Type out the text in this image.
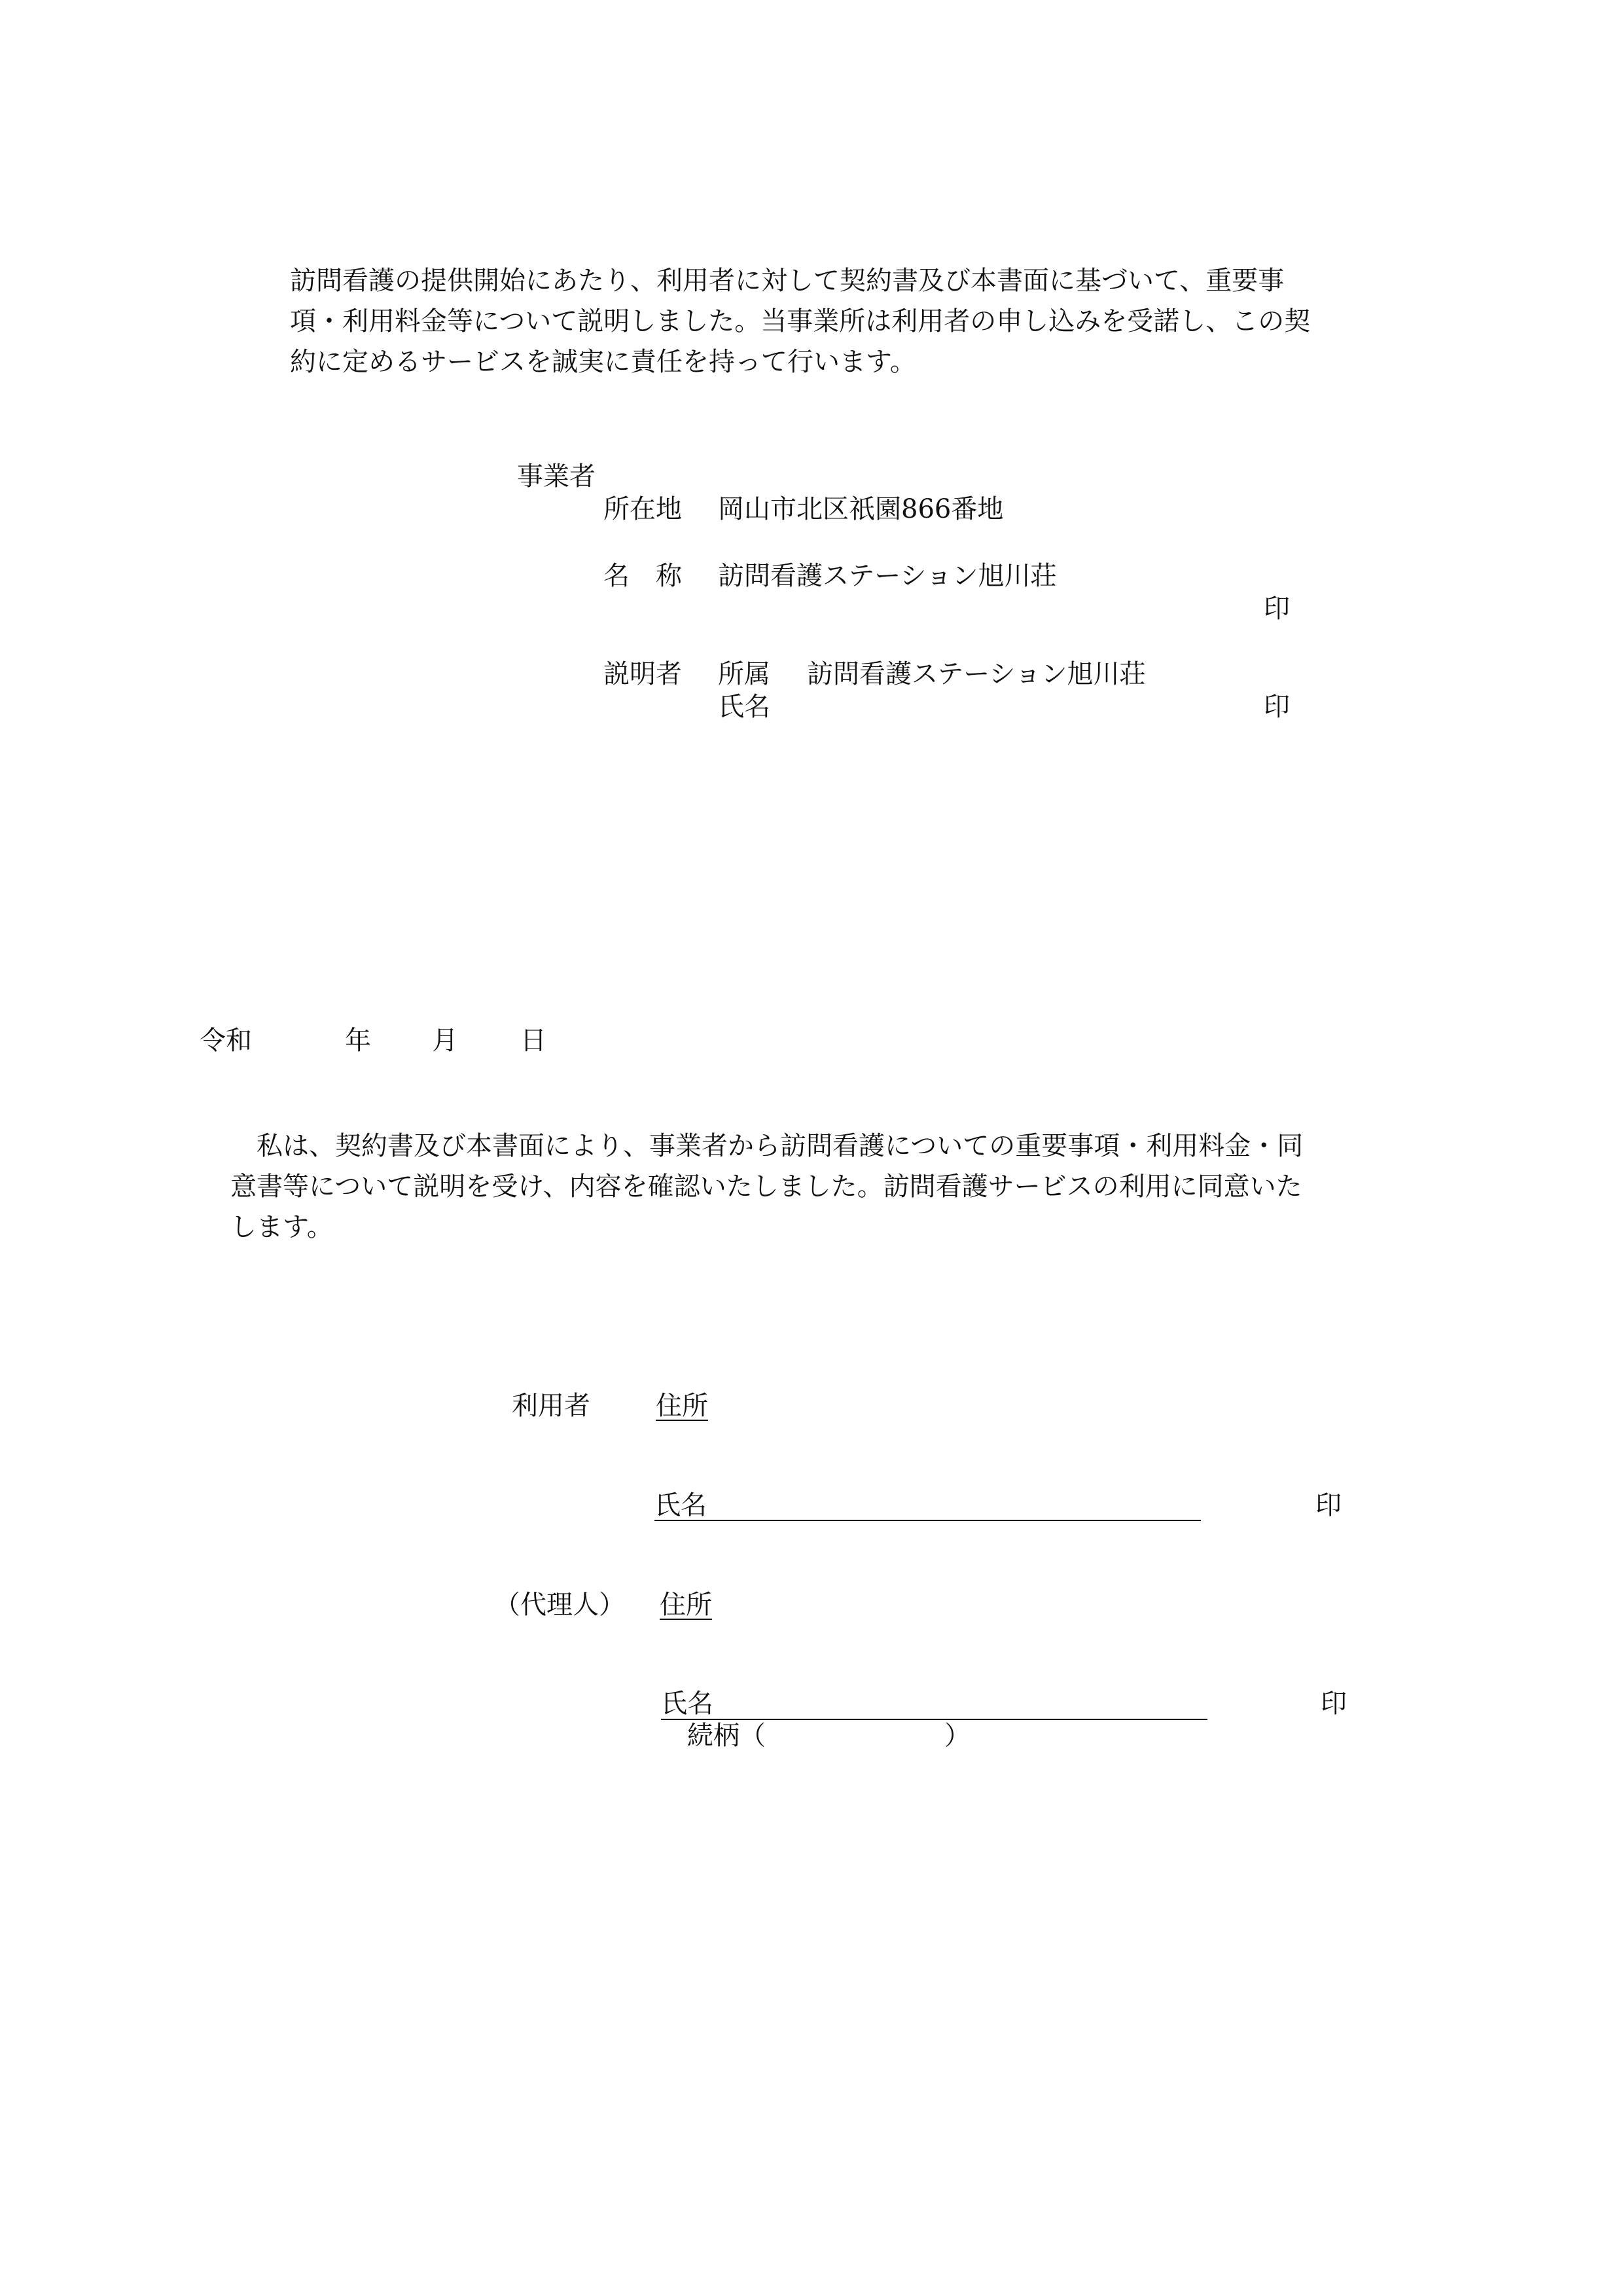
訪問看護の提供開始にあたり、利用者に対して契約書及び本書面に基づいて、重要事
項・利用料金等について説明しました。当事業所は利用者の申し込みを受諾し、この契
約に定めるサービスを誠実に責任を持って行います。
事業者
所在地 岡山市北区祇園866番地
名　称 訪問看護ステーション旭川荘
印
説明者 所属 訪問看護ステーション旭川荘
氏名	印
令和	年 月 日
　私は、契約書及び本書面により、事業者から訪問看護についての重要事項・利用料金・同
意書等について説明を受け、内容を確認いたしました。訪問看護サービスの利用に同意いた
します。
利用者	住所
氏名	印
（代理人） 住所
氏名	印
続柄（	）
